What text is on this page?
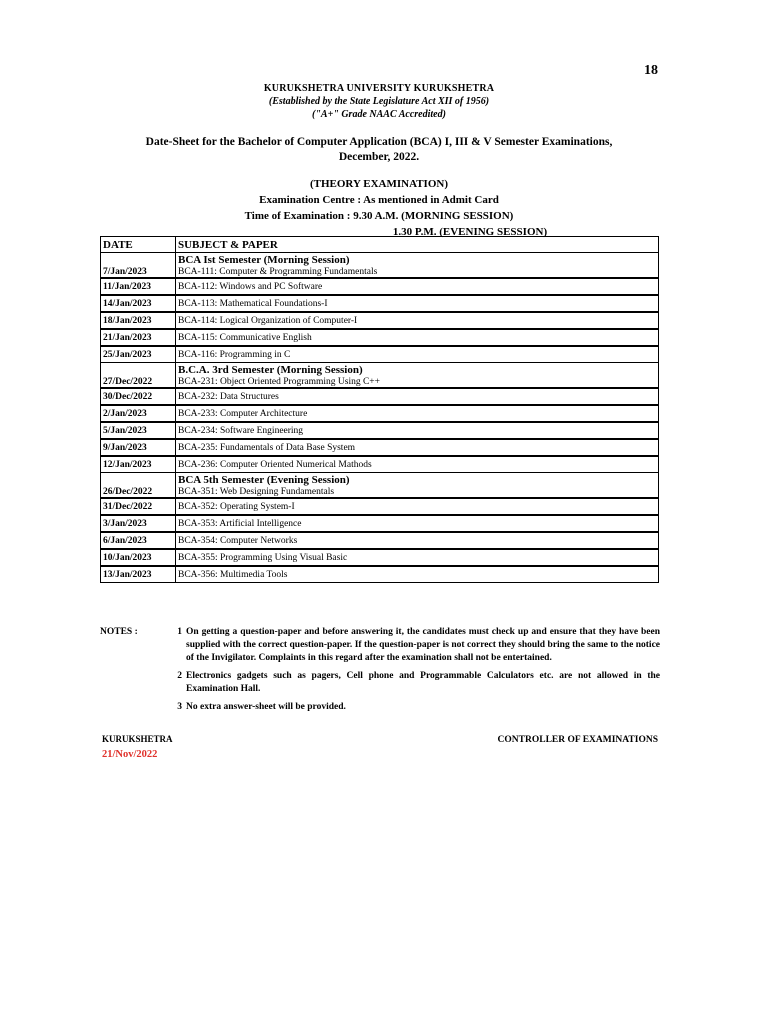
18
KURUKSHETRA UNIVERSITY KURUKSHETRA
(Established by the State Legislature Act XII of 1956)
("A+" Grade NAAC Accredited)
Date-Sheet for the Bachelor of Computer Application (BCA) I, III & V Semester Examinations,
December, 2022.
(THEORY EXAMINATION)
Examination Centre : As mentioned in Admit Card
Time of Examination : 9.30 A.M. (MORNING SESSION)
1.30 P.M. (EVENING SESSION)
DATE	SUBJECT & PAPER
7/Jan/2023	BCA Ist Semester (Morning Session)
BCA-111: Computer & Programming Fundamentals
11/Jan/2023	BCA-112: Windows and PC Software
14/Jan/2023	BCA-113: Mathematical Foundations-I
18/Jan/2023	BCA-114: Logical Organization of Computer-I
21/Jan/2023	BCA-115: Communicative English
25/Jan/2023	BCA-116: Programming in C
27/Dec/2022	B.C.A. 3rd Semester (Morning Session)
BCA-231: Object Oriented Programming Using C++
30/Dec/2022	BCA-232: Data Structures
2/Jan/2023	BCA-233: Computer Architecture
5/Jan/2023	BCA-234: Software Engineering
9/Jan/2023	BCA-235: Fundamentals of Data Base System
12/Jan/2023	BCA-236: Computer Oriented Numerical Mathods
26/Dec/2022	BCA 5th Semester (Evening Session)
BCA-351: Web Designing Fundamentals
31/Dec/2022	BCA-352: Operating System-I
3/Jan/2023	BCA-353: Artificial Intelligence
6/Jan/2023	BCA-354: Computer Networks
10/Jan/2023	BCA-355: Programming Using Visual Basic
13/Jan/2023	BCA-356: Multimedia Tools
NOTES :	1 On getting a question-paper and before answering it, the candidates must check up and ensure that they have been supplied with the correct question-paper. If the question-paper is not correct they should bring the same to the notice of the Invigilator. Complaints in this regard after the examination shall not be entertained.
2 Electronics gadgets such as pagers, Cell phone and Programmable Calculators etc. are not allowed in the Examination Hall.
3 No extra answer-sheet will be provided.
KURUKSHETRA
21/Nov/2022
CONTROLLER OF EXAMINATIONS
